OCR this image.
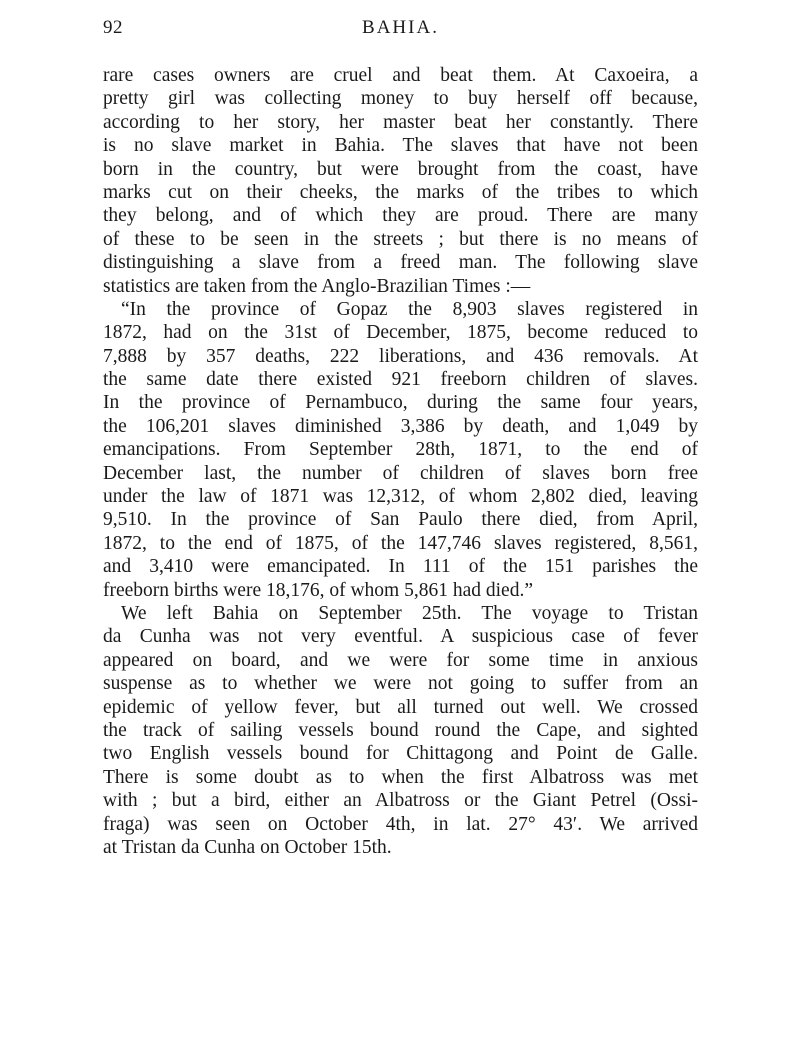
92	BAHIA.
rare cases owners are cruel and beat them. At Caxoeira, a
pretty girl was collecting money to buy herself off because,
according to her story, her master beat her constantly. There
is no slave market in Bahia. The slaves that have not been
born in the country, but were brought from the coast, have
marks cut on their cheeks, the marks of the tribes to which
they belong, and of which they are proud. There are many
of these to be seen in the streets ; but there is no means of
distinguishing a slave from a freed man. The following slave
statistics are taken from the Anglo-Brazilian Times :—
“In the province of Gopaz the 8,903 slaves registered in
1872, had on the 31st of December, 1875, become reduced to
7,888 by 357 deaths, 222 liberations, and 436 removals. At
the same date there existed 921 freeborn children of slaves.
In the province of Pernambuco, during the same four years,
the 106,201 slaves diminished 3,386 by death, and 1,049 by
emancipations. From September 28th, 1871, to the end of
December last, the number of children of slaves born free
under the law of 1871 was 12,312, of whom 2,802 died, leaving
9,510. In the province of San Paulo there died, from April,
1872, to the end of 1875, of the 147,746 slaves registered, 8,561,
and 3,410 were emancipated. In 111 of the 151 parishes the
freeborn births were 18,176, of whom 5,861 had died.”
We left Bahia on September 25th. The voyage to Tristan
da Cunha was not very eventful. A suspicious case of fever
appeared on board, and we were for some time in anxious
suspense as to whether we were not going to suffer from an
epidemic of yellow fever, but all turned out well. We crossed
the track of sailing vessels bound round the Cape, and sighted
two English vessels bound for Chittagong and Point de Galle.
There is some doubt as to when the first Albatross was met
with ; but a bird, either an Albatross or the Giant Petrel (Ossi-
fraga) was seen on October 4th, in lat. 27° 43′. We arrived
at Tristan da Cunha on October 15th.
